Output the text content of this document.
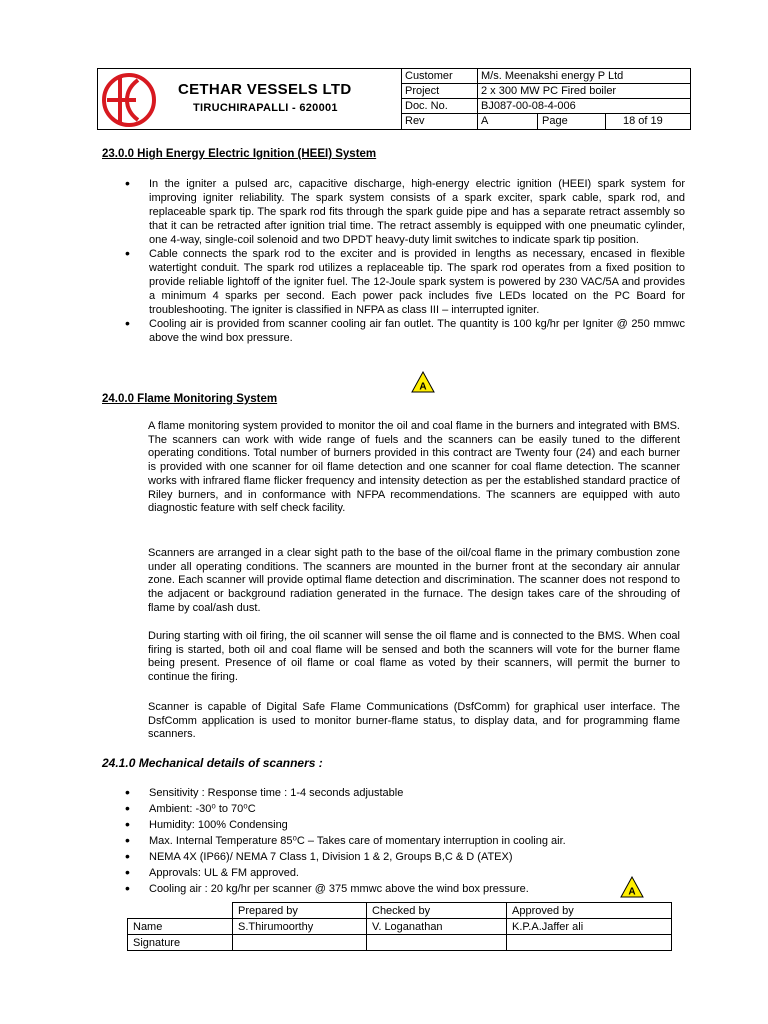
CETHAR VESSELS LTD
TIRUCHIRAPALLI - 620001
Customer	M/s. Meenakshi energy P Ltd
Project	2 x 300 MW PC Fired boiler
Doc. No.	BJ087-00-08-4-006
Rev	A	Page	18 of 19
23.0.0 High Energy Electric Ignition (HEEI) System
• In the igniter a pulsed arc, capacitive discharge, high-energy electric ignition (HEEI) spark system for improving igniter reliability. The spark system consists of a spark exciter, spark cable, spark rod, and replaceable spark tip. The spark rod fits through the spark guide pipe and has a separate retract assembly so that it can be retracted after ignition trial time. The retract assembly is equipped with one pneumatic cylinder, one 4-way, single-coil solenoid and two DPDT heavy-duty limit switches to indicate spark tip position.
• Cable connects the spark rod to the exciter and is provided in lengths as necessary, encased in flexible watertight conduit. The spark rod utilizes a replaceable tip. The spark rod operates from a fixed position to provide reliable lightoff of the igniter fuel. The 12-Joule spark system is powered by 230 VAC/5A and provides a minimum 4 sparks per second. Each power pack includes five LEDs located on the PC Board for troubleshooting. The igniter is classified in NFPA as class III – interrupted igniter.
• Cooling air is provided from scanner cooling air fan outlet. The quantity is 100 kg/hr per Igniter @ 250 mmwc above the wind box pressure.
A
24.0.0 Flame Monitoring System

A flame monitoring system provided to monitor the oil and coal flame in the burners and integrated with BMS. The scanners can work with wide range of fuels and the scanners can be easily tuned to the different operating conditions. Total number of burners provided in this contract are Twenty four (24) and each burner is provided with one scanner for oil flame detection and one scanner for coal flame detection. The scanner works with infrared flame flicker frequency and intensity detection as per the established standard practice of Riley burners, and in conformance with NFPA recommendations. The scanners are equipped with auto diagnostic feature with self check facility.

Scanners are arranged in a clear sight path to the base of the oil/coal flame in the primary combustion zone under all operating conditions. The scanners are mounted in the burner front at the secondary air annular zone. Each scanner will provide optimal flame detection and discrimination. The scanner does not respond to the adjacent or background radiation generated in the furnace. The design takes care of the shrouding of flame by coal/ash dust.

During starting with oil firing, the oil scanner will sense the oil flame and is connected to the BMS. When coal firing is started, both oil and coal flame will be sensed and both the scanners will vote for the burner flame being present. Presence of oil flame or coal flame as voted by their scanners, will permit the burner to continue the firing.

Scanner is capable of Digital Safe Flame Communications (DsfComm) for graphical user interface. The DsfComm application is used to monitor burner-flame status, to display data, and for programming flame scanners.

24.1.0 Mechanical details of scanners :
• Sensitivity : Response time : 1-4 seconds adjustable
• Ambient: -30⁰ to 70⁰C
• Humidity: 100% Condensing
• Max. Internal Temperature 85⁰C – Takes care of momentary interruption in cooling air.
• NEMA 4X (IP66)/ NEMA 7 Class 1, Division 1 & 2, Groups B,C & D (ATEX)
• Approvals: UL & FM approved.
• Cooling air : 20 kg/hr per scanner @ 375 mmwc above the wind box pressure.	A
	Prepared by	Checked by	Approved by
Name	S.Thirumoorthy	V. Loganathan	K.P.A.Jaffer ali
Signature			
